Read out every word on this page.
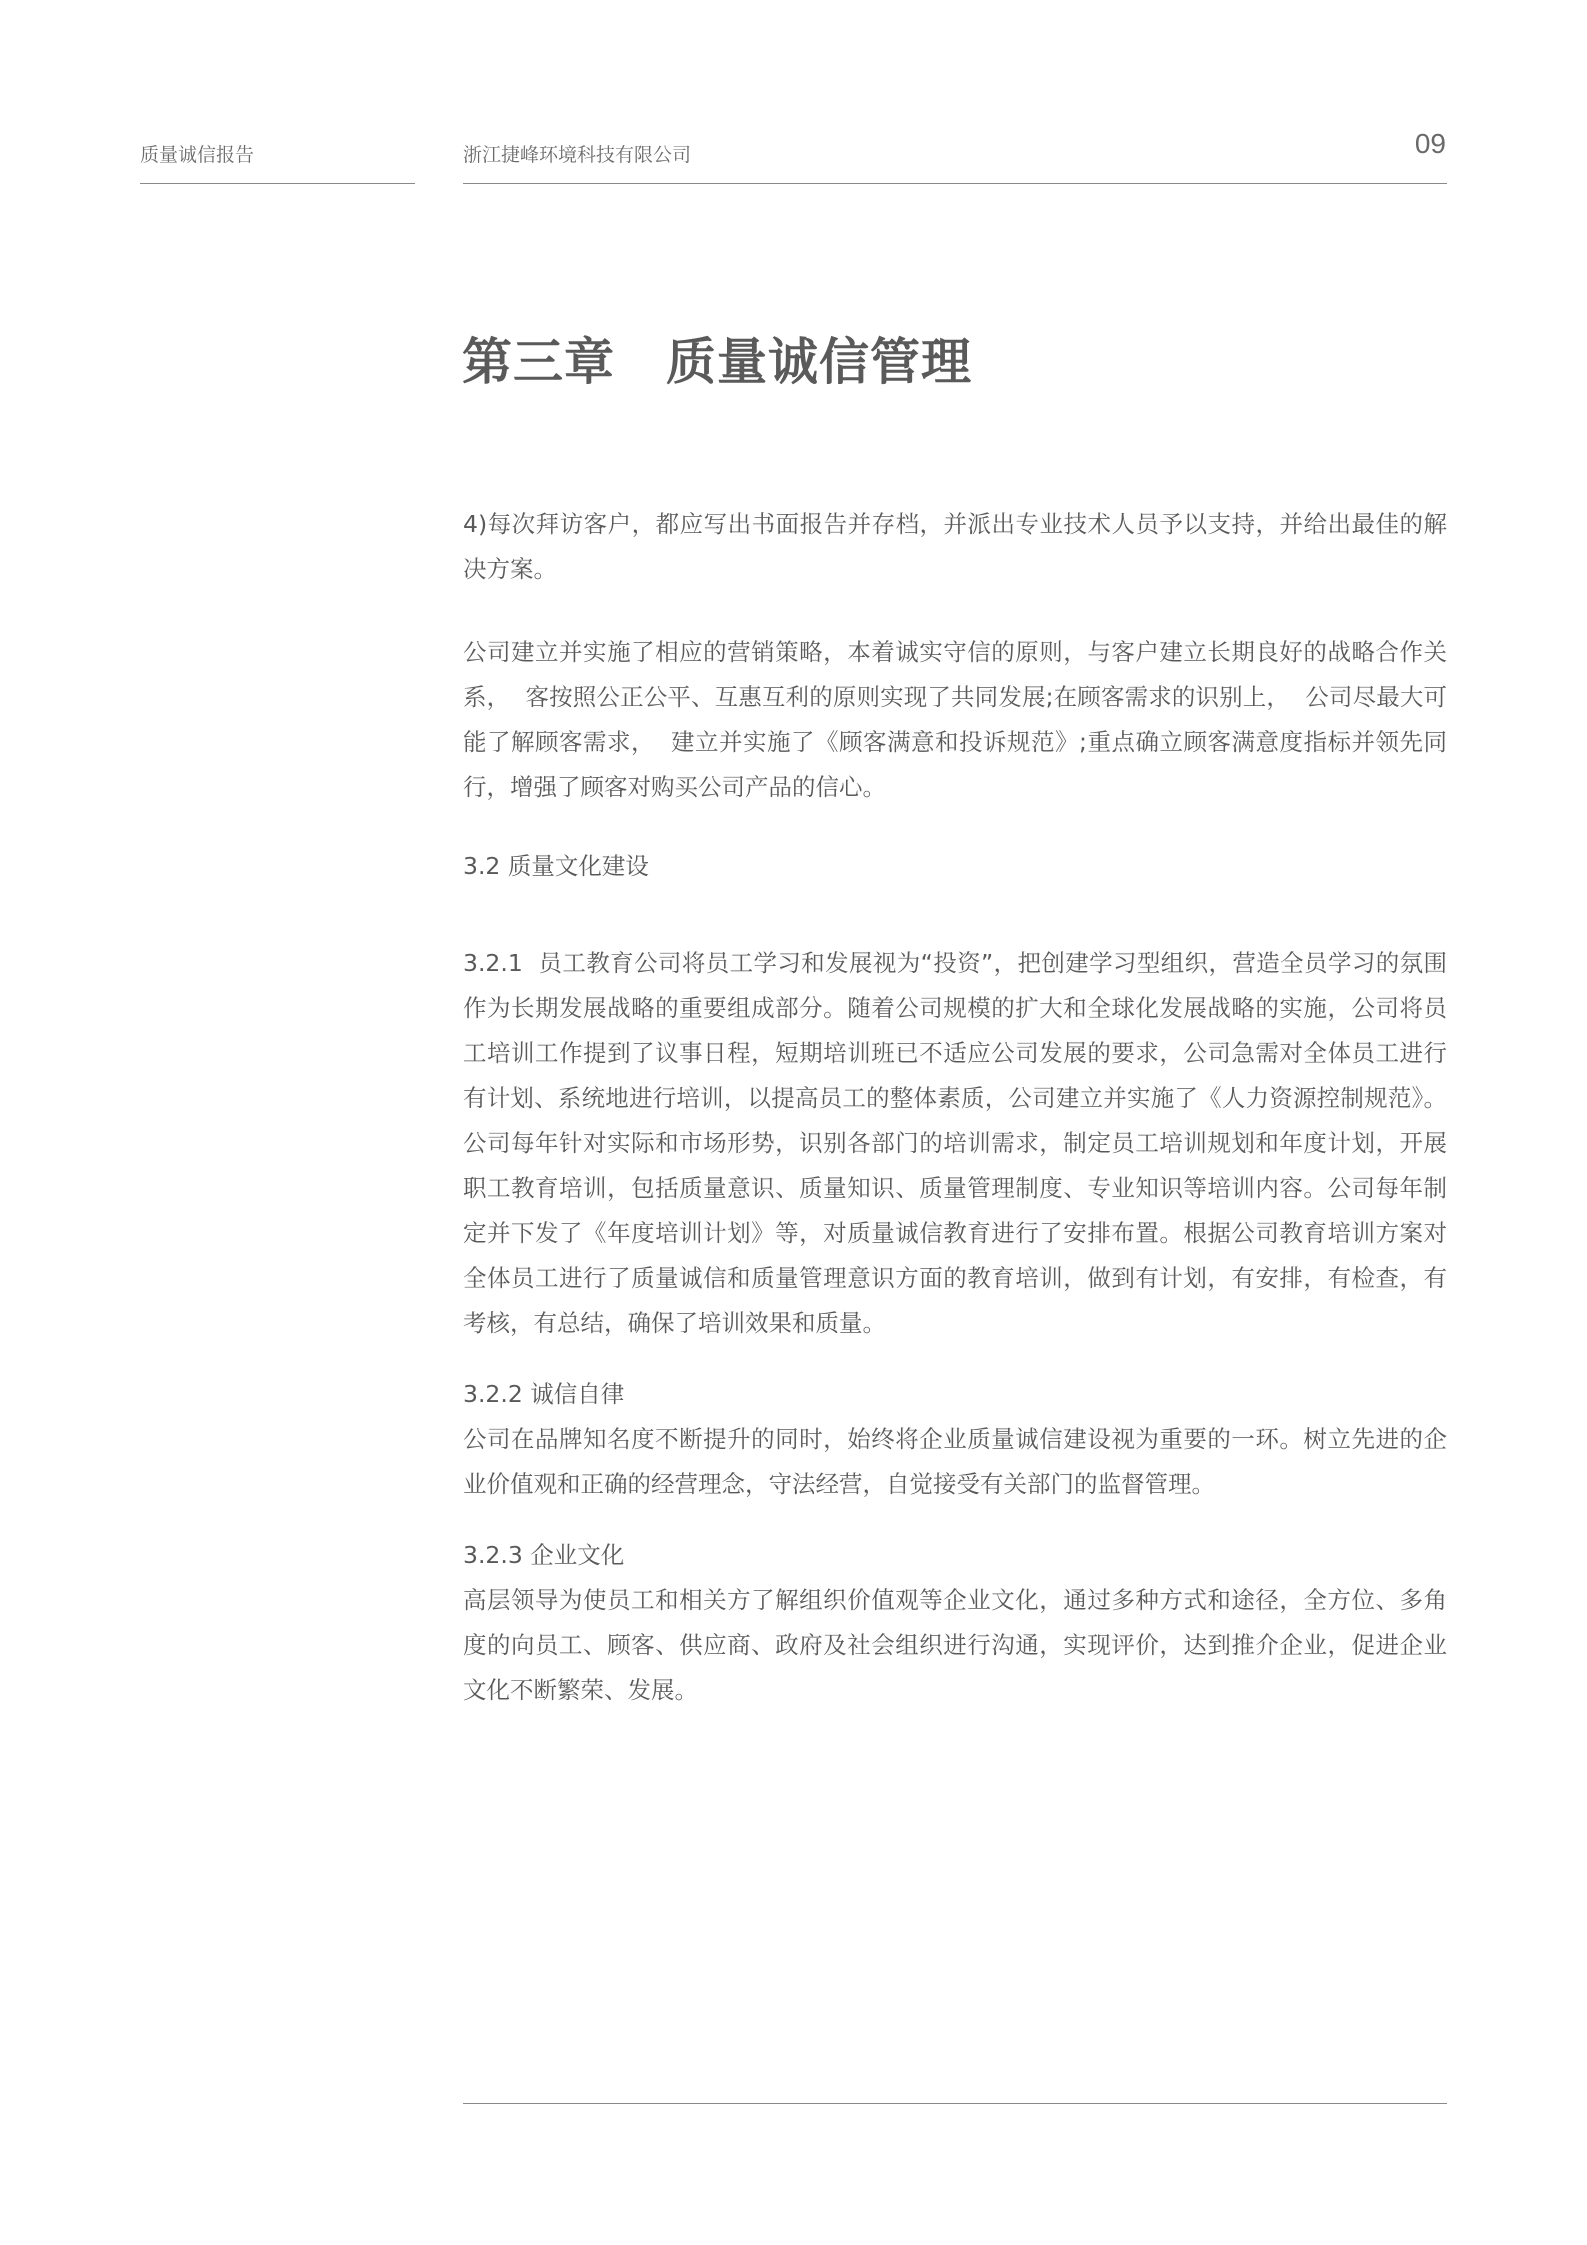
质量诚信报告	浙江捷峰环境科技有限公司	09
第三章　质量诚信管理

4)每次拜访客户，都应写出书面报告并存档，并派出专业技术人员予以支持，并给出最佳的解决方案。

公司建立并实施了相应的营销策略，本着诚实守信的原则，与客户建立长期良好的战略合作关系，  客按照公正公平、互惠互利的原则实现了共同发展;在顾客需求的识别上，  公司尽最大可能了解顾客需求，  建立并实施了《顾客满意和投诉规范》;重点确立顾客满意度指标并领先同行，增强了顾客对购买公司产品的信心。

3.2 质量文化建设

3.2.1  员工教育公司将员工学习和发展视为“投资”，把创建学习型组织，营造全员学习的氛围作为长期发展战略的重要组成部分。随着公司规模的扩大和全球化发展战略的实施，公司将员工培训工作提到了议事日程，短期培训班已不适应公司发展的要求，公司急需对全体员工进行有计划、系统地进行培训，以提高员工的整体素质，公司建立并实施了《人力资源控制规范》。公司每年针对实际和市场形势，识别各部门的培训需求，制定员工培训规划和年度计划，开展职工教育培训，包括质量意识、质量知识、质量管理制度、专业知识等培训内容。公司每年制定并下发了《年度培训计划》等，对质量诚信教育进行了安排布置。根据公司教育培训方案对全体员工进行了质量诚信和质量管理意识方面的教育培训，做到有计划，有安排，有检查，有考核，有总结，确保了培训效果和质量。

3.2.2 诚信自律

公司在品牌知名度不断提升的同时，始终将企业质量诚信建设视为重要的一环。树立先进的企业价值观和正确的经营理念，守法经营，自觉接受有关部门的监督管理。

3.2.3 企业文化

高层领导为使员工和相关方了解组织价值观等企业文化，通过多种方式和途径，全方位、多角度的向员工、顾客、供应商、政府及社会组织进行沟通，实现评价，达到推介企业，促进企业文化不断繁荣、发展。
